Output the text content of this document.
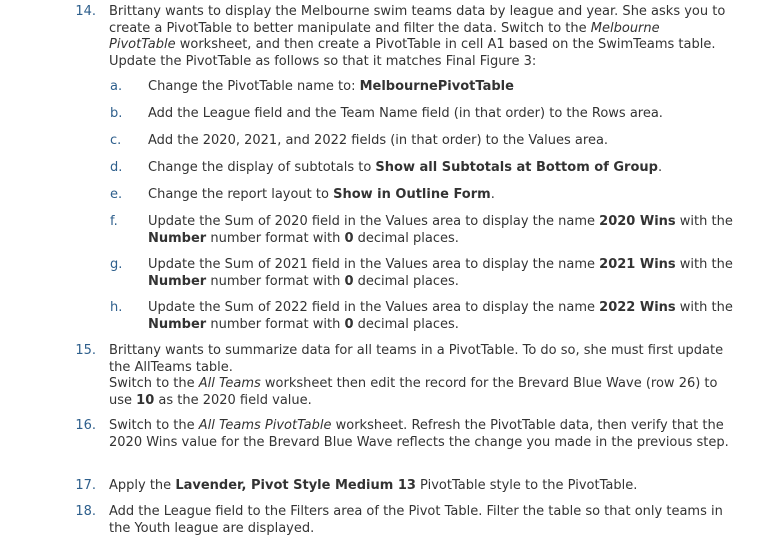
14. Brittany wants to display the Melbourne swim teams data by league and year. She asks you to create a PivotTable to better manipulate and filter the data. Switch to the Melbourne PivotTable worksheet, and then create a PivotTable in cell A1 based on the SwimTeams table. Update the PivotTable as follows so that it matches Final Figure 3:
a.	Change the PivotTable name to: MelbournePivotTable
b.	Add the League field and the Team Name field (in that order) to the Rows area.
c.	Add the 2020, 2021, and 2022 fields (in that order) to the Values area.
d.	Change the display of subtotals to Show all Subtotals at Bottom of Group.
e.	Change the report layout to Show in Outline Form.
f.	Update the Sum of 2020 field in the Values area to display the name 2020 Wins with the Number number format with 0 decimal places.
g.	Update the Sum of 2021 field in the Values area to display the name 2021 Wins with the Number number format with 0 decimal places.
h.	Update the Sum of 2022 field in the Values area to display the name 2022 Wins with the Number number format with 0 decimal places.
15. Brittany wants to summarize data for all teams in a PivotTable. To do so, she must first update the AllTeams table.
Switch to the All Teams worksheet then edit the record for the Brevard Blue Wave (row 26) to use 10 as the 2020 field value.
16. Switch to the All Teams PivotTable worksheet. Refresh the PivotTable data, then verify that the 2020 Wins value for the Brevard Blue Wave reflects the change you made in the previous step.
17. Apply the Lavender, Pivot Style Medium 13 PivotTable style to the PivotTable.
18. Add the League field to the Filters area of the Pivot Table. Filter the table so that only teams in the Youth league are displayed.
